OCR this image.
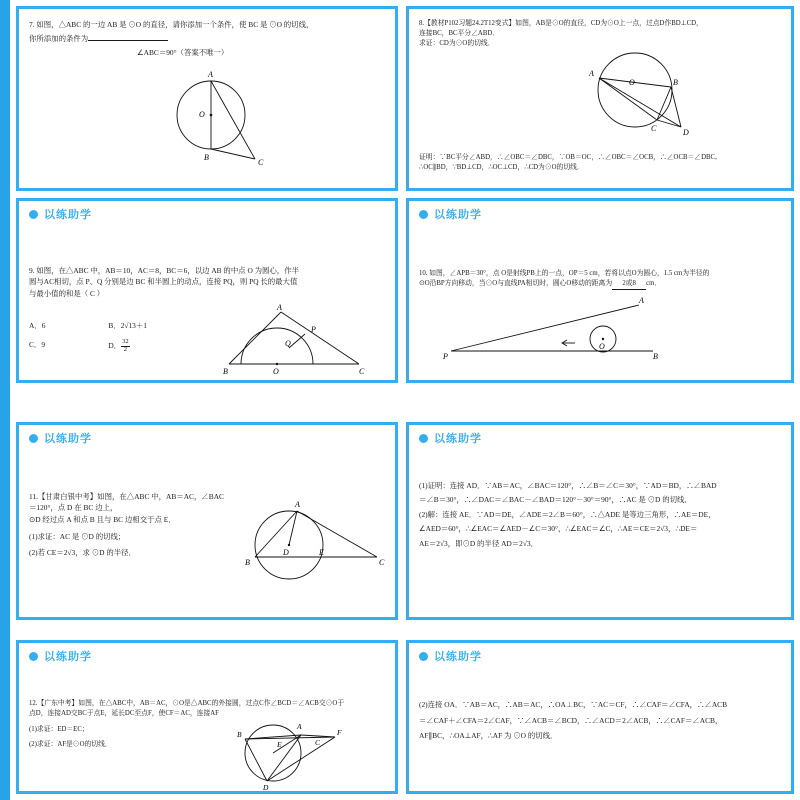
7. 如图，△ABC 的一边 AB 是 ⊙O 的直径，请你添加一个条件，使 BC 是 ⊙O 的切线，
你所添加的条件为
∠ABC＝90°（答案不唯一）
O
A
B
C
8.【教材P102习题24.2T12变式】如图，AB是⊙O的直径，CD为⊙O上一点，过点D作BD⊥CD，
连接BC，BC平分∠ABD．
求证：CD为⊙O的切线．
A
O	B
C	D
证明：∵BC平分∠ABD，∴∠OBC＝∠DBC，∵OB＝OC，∴∠OBC＝∠OCB，∴∠OCB＝∠DBC,
∴OC∥BD，∵BD⊥CD，∴OC⊥CD，∴CD为⊙O的切线．
以练助学
9. 如图，在△ABC 中，AB＝10，AC＝8，BC＝6，以边 AB 的中点 O 为圆心，作半
圆与AC相切，点 P、Q 分别是边 BC 和半圆上的动点，连接 PQ，则 PQ 长的最大值
与最小值的和是（ C ）
A．6	B．2√13＋1
C．9	D． $\frac{32}{2}$
A
B	O	C
P
Q
以练助学
10. 如图，∠APB＝30°，点 O是射线PB上的一点，OP＝5 cm，若将以点O为圆心，1.5 cm为半径的
⊙O沿BP方向移动，当⊙O与直线PA相切时，圆心O移动的距离为 2或8 cm．
P
O
A
B
以练助学
11.【甘肃白银中考】如图，在△ABC 中，AB＝AC，∠BAC＝120°，点 D 在 BC 边上，
⊙D 经过点 A 和点 B 且与 BC 边相交于点 E．
(1)求证：AC 是 ⊙D 的切线；
(2)若 CE＝2√3，求 ⊙D 的半径．
A
B
D	E
C
以练助学
(1)证明：连接 AD．∵AB＝AC，∠BAC＝120°，∴∠B＝∠C＝30°，∵AD＝BD，∴∠BAD
＝∠B＝30°，∴∠DAC＝∠BAC－∠BAD＝120°－30°＝90°，∴AC 是 ⊙D 的切线．
(2)解：连接 AE．∵AD＝DE，∠ADE＝2∠B＝60°，∴△ADE 是等边三角形，∴AE＝DE，
∠AED＝60°，∴∠EAC＝∠AED－∠C＝30°，∴∠EAC＝∠C，∴AE＝CE＝2√3，∴DE＝
AE＝2√3，即⊙D 的半径 AD＝2√3．
以练助学
12.【广东中考】如图，在△ABC中，AB＝AC，⊙O是△ABC的外接圆，过点C作∠BCD＝∠ACB交⊙O于
点D，连接AD交BC于点E，延长DC至点F，使CF＝AC，连接AF
(1)求证：ED＝EC；
(2)求证：AF是⊙O的切线．
B
A
E	C
F
D
以练助学
(2)连接 OA．∵AB＝AC，∴AB＝AC，∴OA⊥BC，∵AC＝CF，∴∠CAF＝∠CFA，∴∠ACB
＝∠CAF＋∠CFA＝2∠CAF，∵∠ACB＝∠BCD，∴∠ACD＝2∠ACB，∴∠CAF＝∠ACB，
AF∥BC，∴OA⊥AF，∴AF 为 ⊙O 的切线．
